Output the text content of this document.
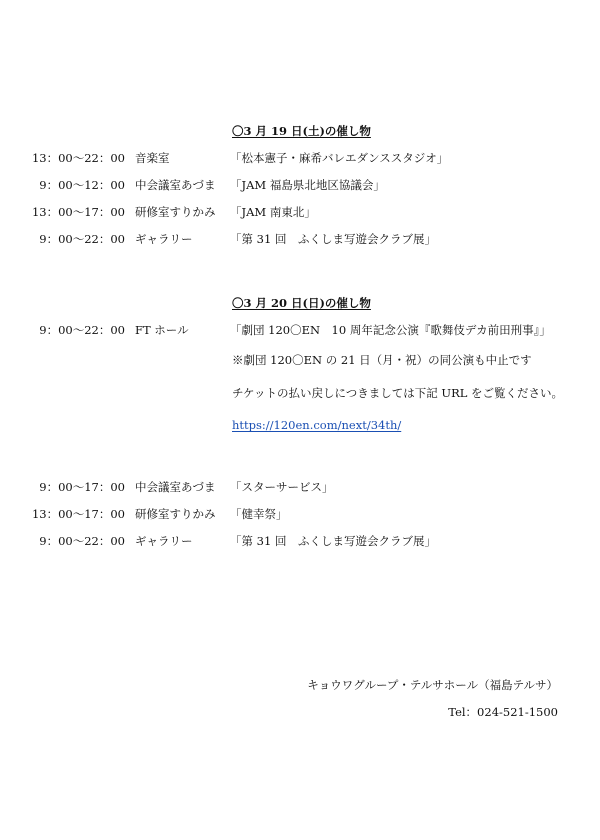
〇3 月 19 日(土)の催し物
13：00～22：00 音楽室	「松本憲子・麻希バレエダンススタジオ」
9：00～12：00 中会議室あづま 「JAM 福島県北地区協議会」
13：00～17：00 研修室すりかみ 「JAM 南東北」
9：00～22：00 ギャラリー	「第 31 回　ふくしま写遊会クラブ展」
〇3 月 20 日(日)の催し物
9：00～22：00 FT ホール	「劇団 120〇EN　10 周年記念公演『歌舞伎デカ前田刑事』」
※劇団 120〇EN の 21 日（月・祝）の同公演も中止です
チケットの払い戻しにつきましては下記 URL をご覧ください。
https://120en.com/next/34th/
9：00～17：00 中会議室あづま 「スターサービス」
13：00～17：00 研修室すりかみ 「健幸祭」
9：00～22：00 ギャラリー	「第 31 回　ふくしま写遊会クラブ展」
キョウワグループ・テルサホール（福島テルサ）
Tel：024-521-1500
